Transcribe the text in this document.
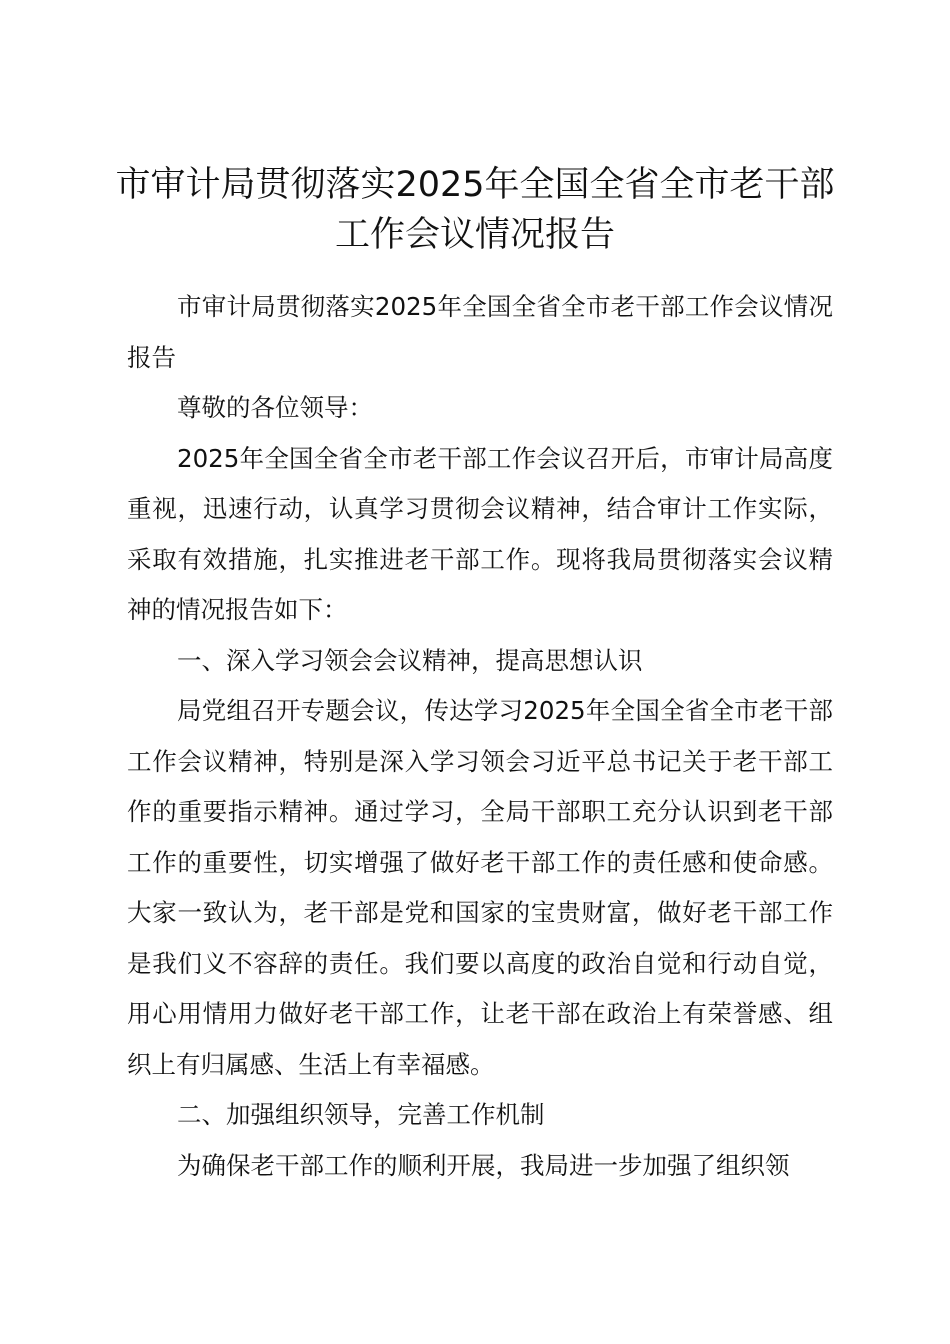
市审计局贯彻落实2025年全国全省全市老干部工作会议情况报告

市审计局贯彻落实2025年全国全省全市老干部工作会议情况报告

尊敬的各位领导：

2025年全国全省全市老干部工作会议召开后，市审计局高度重视，迅速行动，认真学习贯彻会议精神，结合审计工作实际，采取有效措施，扎实推进老干部工作。现将我局贯彻落实会议精神的情况报告如下：

一、深入学习领会会议精神，提高思想认识

局党组召开专题会议，传达学习2025年全国全省全市老干部工作会议精神，特别是深入学习领会习近平总书记关于老干部工作的重要指示精神。通过学习，全局干部职工充分认识到老干部工作的重要性，切实增强了做好老干部工作的责任感和使命感。大家一致认为，老干部是党和国家的宝贵财富，做好老干部工作是我们义不容辞的责任。我们要以高度的政治自觉和行动自觉，用心用情用力做好老干部工作，让老干部在政治上有荣誉感、组织上有归属感、生活上有幸福感。

二、加强组织领导，完善工作机制

为确保老干部工作的顺利开展，我局进一步加强了组织领
